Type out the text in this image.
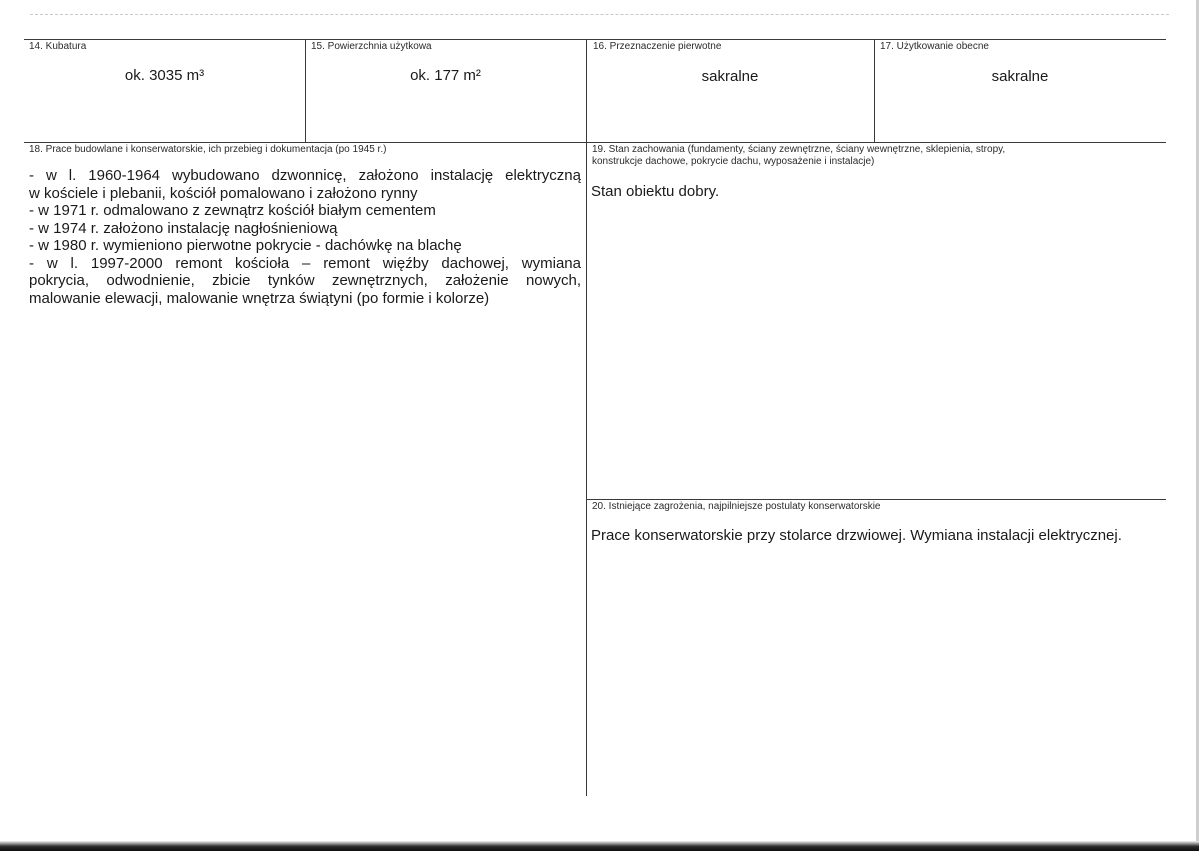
14. Kubatura
ok. 3035 m³
15. Powierzchnia użytkowa
ok. 177 m²
16. Przeznaczenie pierwotne
sakralne
17. Użytkowanie obecne
sakralne
18. Prace budowlane i konserwatorskie, ich przebieg i dokumentacja (po 1945 r.)
- w l. 1960-1964 wybudowano dzwonnicę, założono instalację elektryczną
w kościele i plebanii, kościół pomalowano i założono rynny
- w 1971 r. odmalowano z zewnątrz kościół białym cementem
- w 1974 r. założono instalację nagłośnieniową
- w 1980 r. wymieniono pierwotne pokrycie - dachówkę na blachę
- w l. 1997-2000 remont kościoła – remont więźby dachowej, wymiana
pokrycia, odwodnienie, zbicie tynków zewnętrznych, założenie nowych,
malowanie elewacji, malowanie wnętrza świątyni (po formie i kolorze)
19. Stan zachowania (fundamenty, ściany zewnętrzne, ściany wewnętrzne, sklepienia, stropy,
konstrukcje dachowe, pokrycie dachu, wyposażenie i instalacje)
Stan obiektu dobry.
20. Istniejące zagrożenia, najpilniejsze postulaty konserwatorskie
Prace konserwatorskie przy stolarce drzwiowej. Wymiana instalacji elektrycznej.
